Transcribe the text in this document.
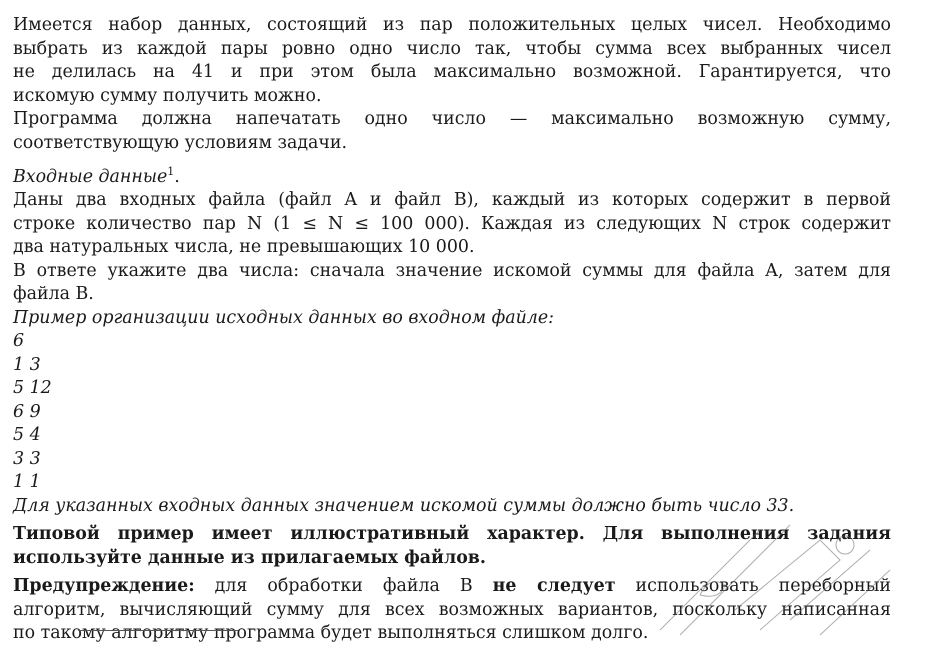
Имеется набор данных, состоящий из пар положительных целых чисел. Необходимо
выбрать из каждой пары ровно одно число так, чтобы сумма всех выбранных чисел
не делилась на 41 и при этом была максимально возможной. Гарантируется, что
искомую сумму получить можно.

Программа должна напечатать одно число — максимально возможную сумму,
соответствующую условиям задачи.

Входные данные$^1$.

Даны два входных файла (файл A и файл B), каждый из которых содержит в первой
строке количество пар N (1 ≤ N ≤ 100 000). Каждая из следующих N строк содержит
два натуральных числа, не превышающих 10 000.

В ответе укажите два числа: сначала значение искомой суммы для файла A, затем для
файла B.

Пример организации исходных данных во входном файле:

6
1 3
5 12
6 9
5 4
3 3
1 1

Для указанных входных данных значением искомой суммы должно быть число 33.

Типовой пример имеет иллюстративный характер. Для выполнения задания
используйте данные из прилагаемых файлов.

Предупреждение: для обработки файла B не следует использовать переборный
алгоритм, вычисляющий сумму для всех возможных вариантов, поскольку написанная
по такому алгоритму программа будет выполняться слишком долго.
